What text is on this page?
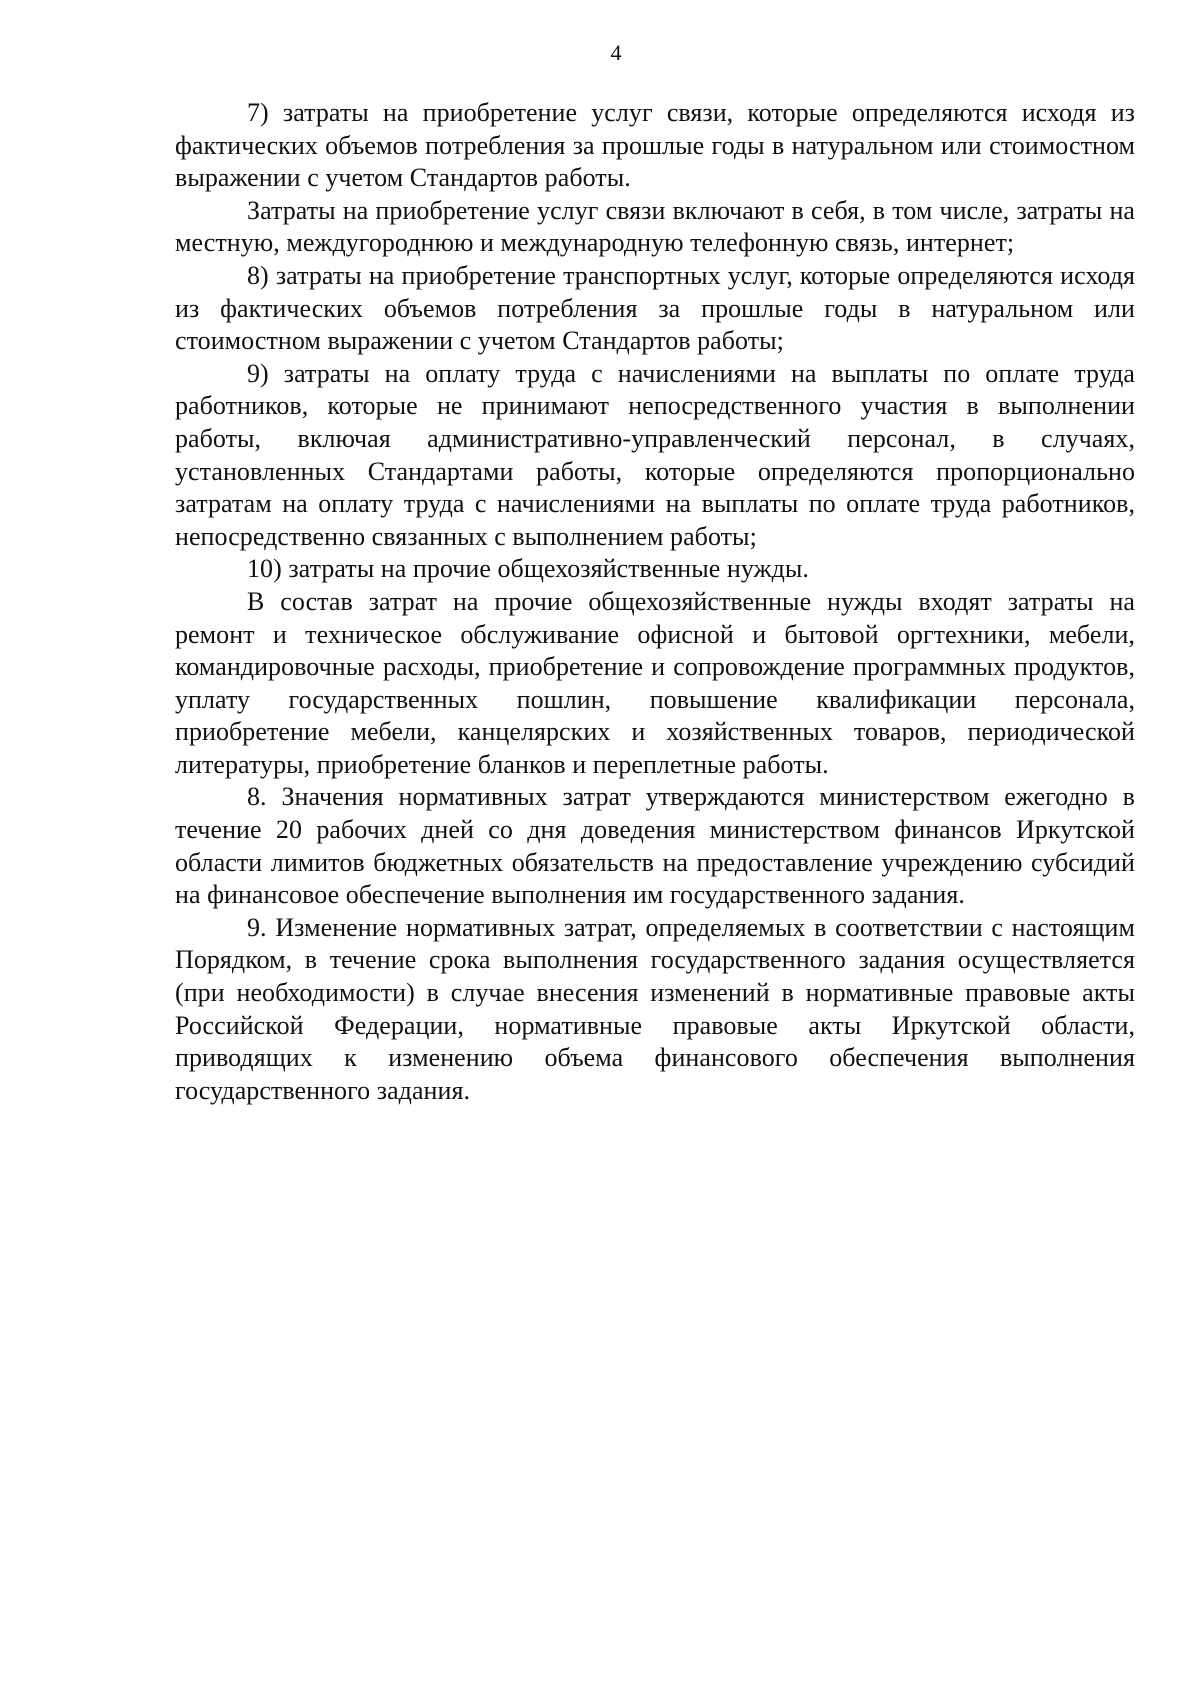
4

7) затраты на приобретение услуг связи, которые определяются исходя из фактических объемов потребления за прошлые годы в натуральном или стоимостном выражении с учетом Стандартов работы.

Затраты на приобретение услуг связи включают в себя, в том числе, затраты на местную, междугороднюю и международную телефонную связь, интернет;

8) затраты на приобретение транспортных услуг, которые определяются исходя из фактических объемов потребления за прошлые годы в натуральном или стоимостном выражении с учетом Стандартов работы;

9) затраты на оплату труда с начислениями на выплаты по оплате труда работников, которые не принимают непосредственного участия в выполнении работы, включая административно-управленческий персонал, в случаях, установленных Стандартами работы, которые определяются пропорционально затратам на оплату труда с начислениями на выплаты по оплате труда работников, непосредственно связанных с выполнением работы;

10) затраты на прочие общехозяйственные нужды.

В состав затрат на прочие общехозяйственные нужды входят затраты на ремонт и техническое обслуживание офисной и бытовой оргтехники, мебели, командировочные расходы, приобретение и сопровождение программных продуктов, уплату государственных пошлин, повышение квалификации персонала, приобретение мебели, канцелярских и хозяйственных товаров, периодической литературы, приобретение бланков и переплетные работы.

8. Значения нормативных затрат утверждаются министерством ежегодно в течение 20 рабочих дней со дня доведения министерством финансов Иркутской области лимитов бюджетных обязательств на предоставление учреждению субсидий на финансовое обеспечение выполнения им государственного задания.

9. Изменение нормативных затрат, определяемых в соответствии с настоящим Порядком, в течение срока выполнения государственного задания осуществляется (при необходимости) в случае внесения изменений в нормативные правовые акты Российской Федерации, нормативные правовые акты Иркутской области, приводящих к изменению объема финансового обеспечения выполнения государственного задания.
